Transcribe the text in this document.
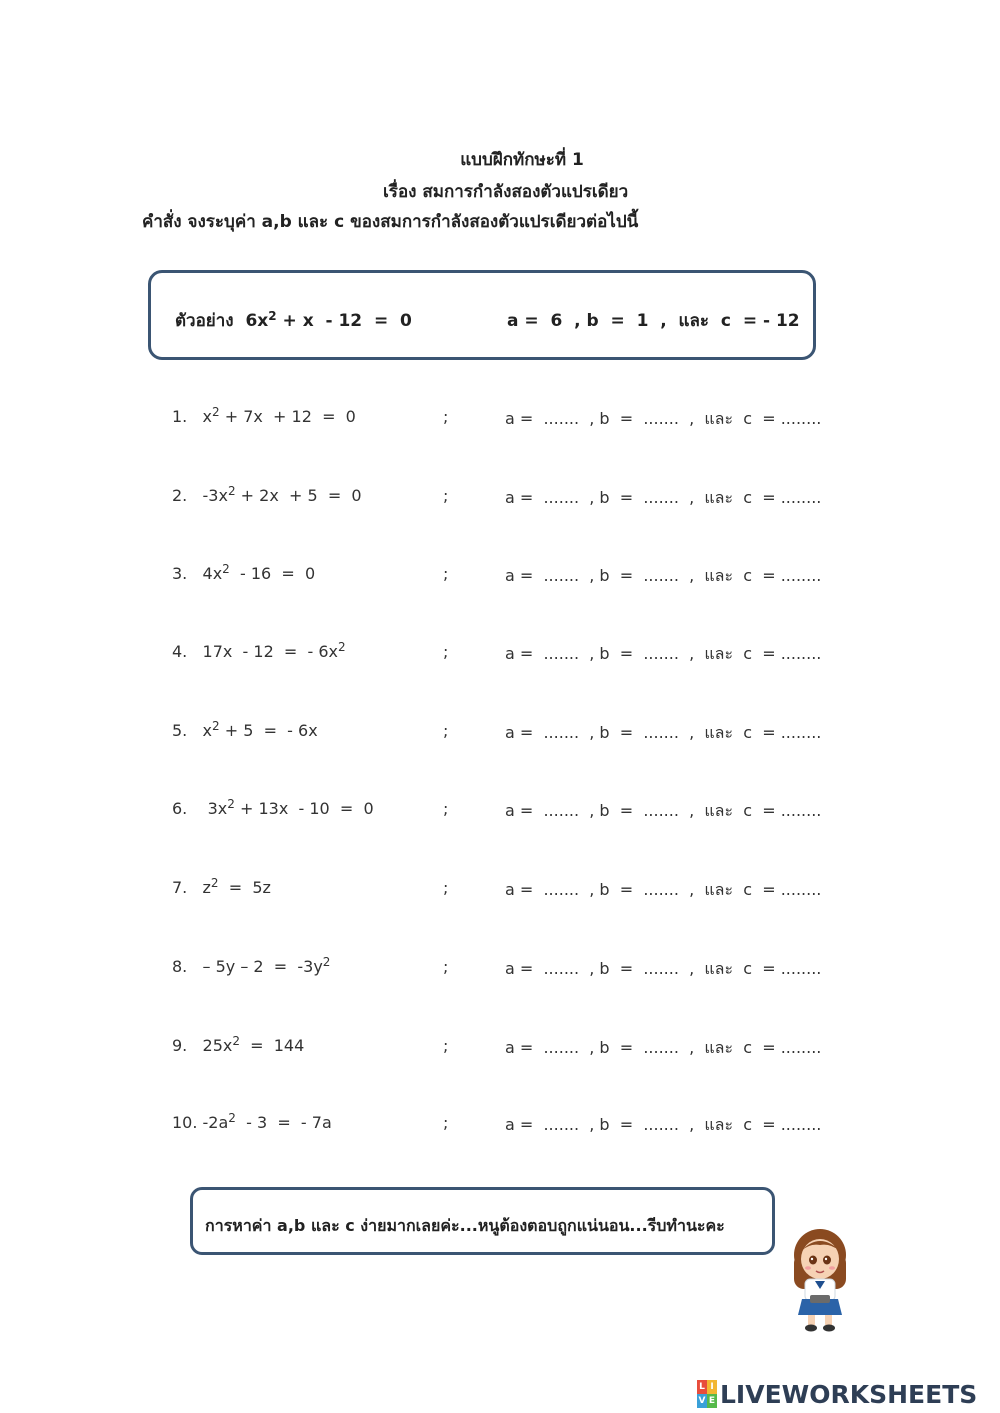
แบบฝึกทักษะที่ 1
เรื่อง สมการกำลังสองตัวแปรเดียว
คำสั่ง จงระบุค่า a,b และ c ของสมการกำลังสองตัวแปรเดียวต่อไปนี้
ตัวอย่าง $6x^2 + x - 12 = 0$	a =  6  , b  =  1  ,  และ  c  = - 12
1.   $x^2 + 7x + 12 = 0$	;	a =  .......  , b  =  .......  ,  และ  c  = ........
2.   $-3x^2 + 2x + 5 = 0$	;	a =  .......  , b  =  .......  ,  และ  c  = ........
3.   $4x^2 - 16 = 0$	;	a =  .......  , b  =  .......  ,  และ  c  = ........
4.   17x  - 12  =  - $6x^2$	;	a =  .......  , b  =  .......  ,  และ  c  = ........
5.   $x^2 + 5$  =  - 6x	;	a =  .......  , b  =  .......  ,  และ  c  = ........
6.    $3x^2 + 13x - 10 = 0$	;	a =  .......  , b  =  .......  ,  และ  c  = ........
7.   $z^2 = 5z$	;	a =  .......  , b  =  .......  ,  และ  c  = ........
8.   – $5y - 2 = -3y^2$	;	a =  .......  , b  =  .......  ,  และ  c  = ........
9.   $25x^2 = 144$	;	a =  .......  , b  =  .......  ,  และ  c  = ........
10. $-2a^2 - 3$  =  - 7a	;	a =  .......  , b  =  .......  ,  และ  c  = ........
การหาค่า a,b และ c ง่ายมากเลยค่ะ...หนูต้องตอบถูกแน่นอน...รีบทำนะคะ
L I
V E LIVEWORKSHEETS
